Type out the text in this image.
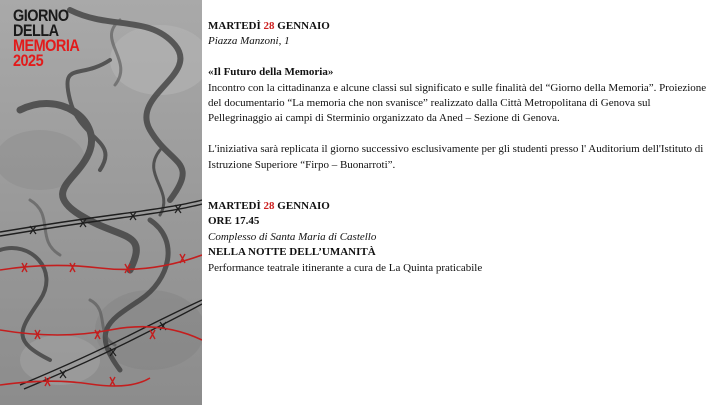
GIORNO
DELLA
MEMORIA
2025

MARTEDÌ 28 GENNAIO

Piazza Manzoni, 1

«Il Futuro della Memoria»

Incontro con la cittadinanza e alcune classi sul significato e sulle finalità del “Giorno della Memoria”. Proiezione del documentario “La memoria che non svanisce” realizzato dalla Città Metropolitana di Genova sul Pellegrinaggio ai campi di Sterminio organizzato da Aned – Sezione di Genova.

L'iniziativa sarà replicata il giorno successivo esclusivamente per gli studenti presso l' Auditorium dell'Istituto di Istruzione Superiore “Firpo – Buonarroti”.

MARTEDÌ 28 GENNAIO

ORE 17.45

Complesso di Santa Maria di Castello

NELLA NOTTE DELL’UMANITÀ

Performance teatrale itinerante a cura de La Quinta praticabile
